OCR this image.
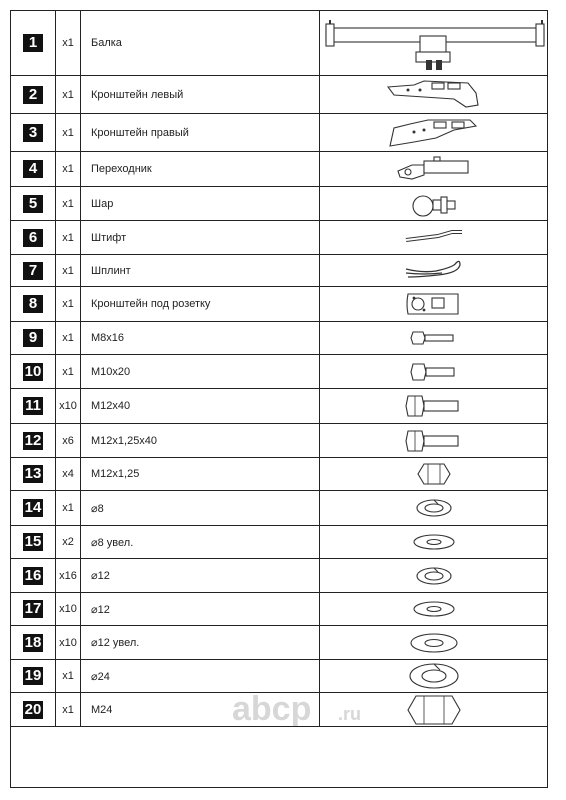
1	x1	Балка	

2	x1	Кронштейн левый	

3	x1	Кронштейн правый	

4	x1	Переходник	

5	x1	Шар	

6	x1	Штифт	

7	x1	Шплинт	

8	x1	Кронштейн под розетку	

9	x1	M8x16	

10	x1	M10x20	

11	x10	M12x40	

12	x6	M12x1,25x40	

13	x4	M12x1,25	

14	x1	⌀8	

15	x2	⌀8 увел.	

16	x16	⌀12	

17	x10	⌀12	

18	x10	⌀12 увел.	

19	x1	⌀24	

20	x1	M24		abcp .ru
